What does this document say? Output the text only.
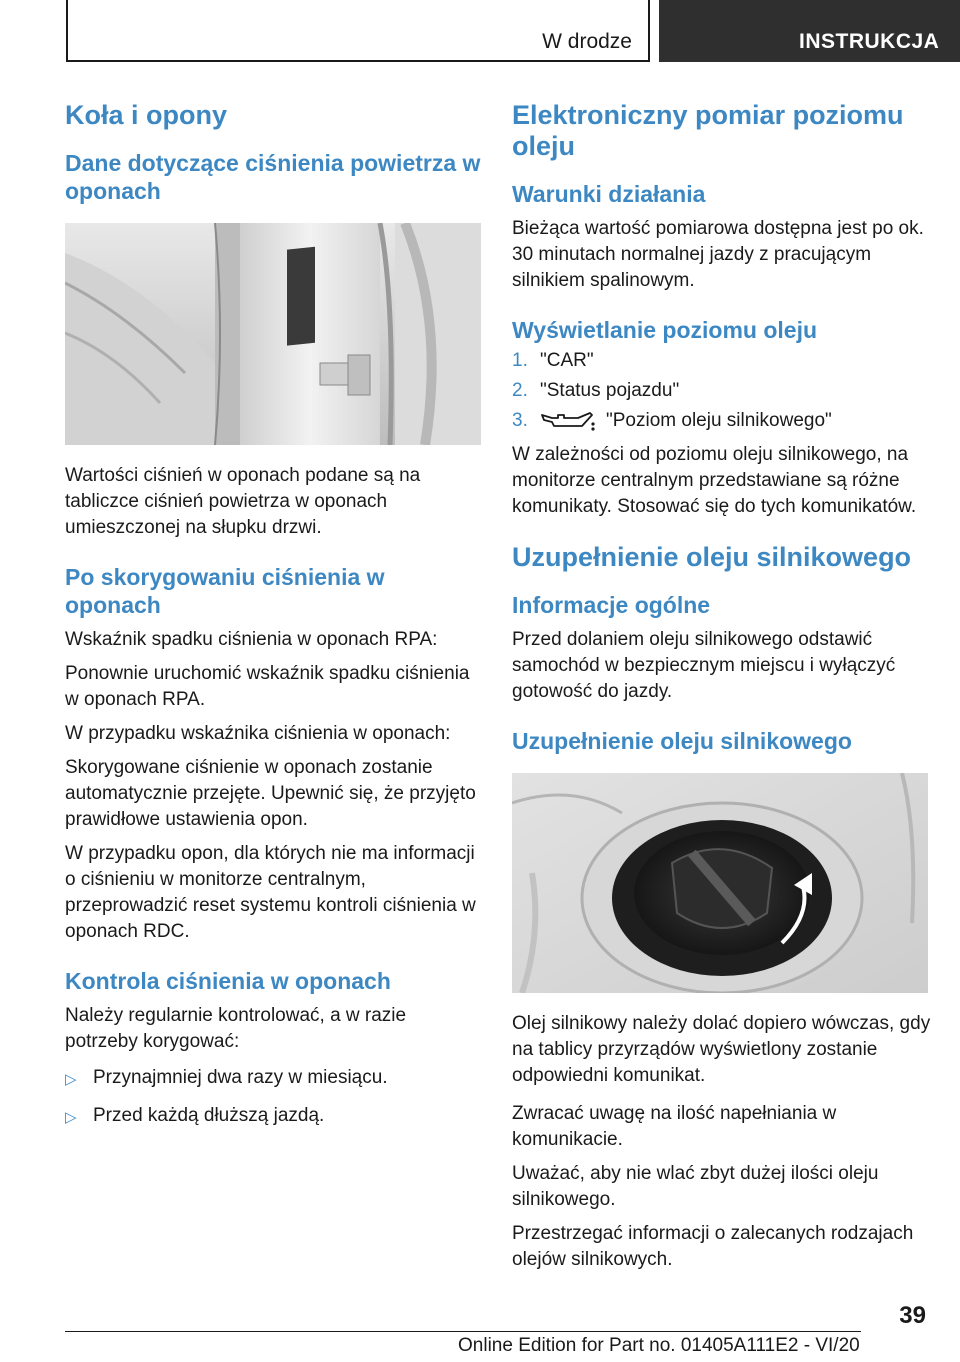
W drodze	INSTRUKCJA
Koła i opony
Dane dotyczące ciśnienia powietrza w oponach

Wartości ciśnień w oponach podane są na tabliczce ciśnień powietrza w oponach umieszczonej na słupku drzwi.

Po skorygowaniu ciśnienia w oponach

Wskaźnik spadku ciśnienia w oponach RPA:

Ponownie uruchomić wskaźnik spadku ciśnienia w oponach RPA.

W przypadku wskaźnika ciśnienia w oponach:

Skorygowane ciśnienie w oponach zostanie automatycznie przejęte. Upewnić się, że przyjęto prawidłowe ustawienia opon.

W przypadku opon, dla których nie ma informacji o ciśnieniu w monitorze centralnym, przeprowadzić reset systemu kontroli ciśnienia w oponach RDC.

Kontrola ciśnienia w oponach

Należy regularnie kontrolować, a w razie potrzeby korygować:

▷ Przynajmniej dwa razy w miesiącu.
▷ Przed każdą dłuższą jazdą.
Elektroniczny pomiar poziomu oleju
Warunki działania

Bieżąca wartość pomiarowa dostępna jest po ok. 30 minutach normalnej jazdy z pracującym silnikiem spalinowym.

Wyświetlanie poziomu oleju
1. "CAR"
2. "Status pojazdu"
3.	"Poziom oleju silnikowego"

W zależności od poziomu oleju silnikowego, na monitorze centralnym przedstawiane są różne komunikaty. Stosować się do tych komunikatów.

Uzupełnienie oleju silnikowego
Informacje ogólne

Przed dolaniem oleju silnikowego odstawić samochód w bezpiecznym miejscu i wyłączyć gotowość do jazdy.

Uzupełnienie oleju silnikowego

Olej silnikowy należy dolać dopiero wówczas, gdy na tablicy przyrządów wyświetlony zostanie odpowiedni komunikat.

Zwracać uwagę na ilość napełniania w komunikacie.

Uważać, aby nie wlać zbyt dużej ilości oleju silnikowego.

Przestrzegać informacji o zalecanych rodzajach olejów silnikowych.

39
Online Edition for Part no. 01405A111E2 - VI/20
